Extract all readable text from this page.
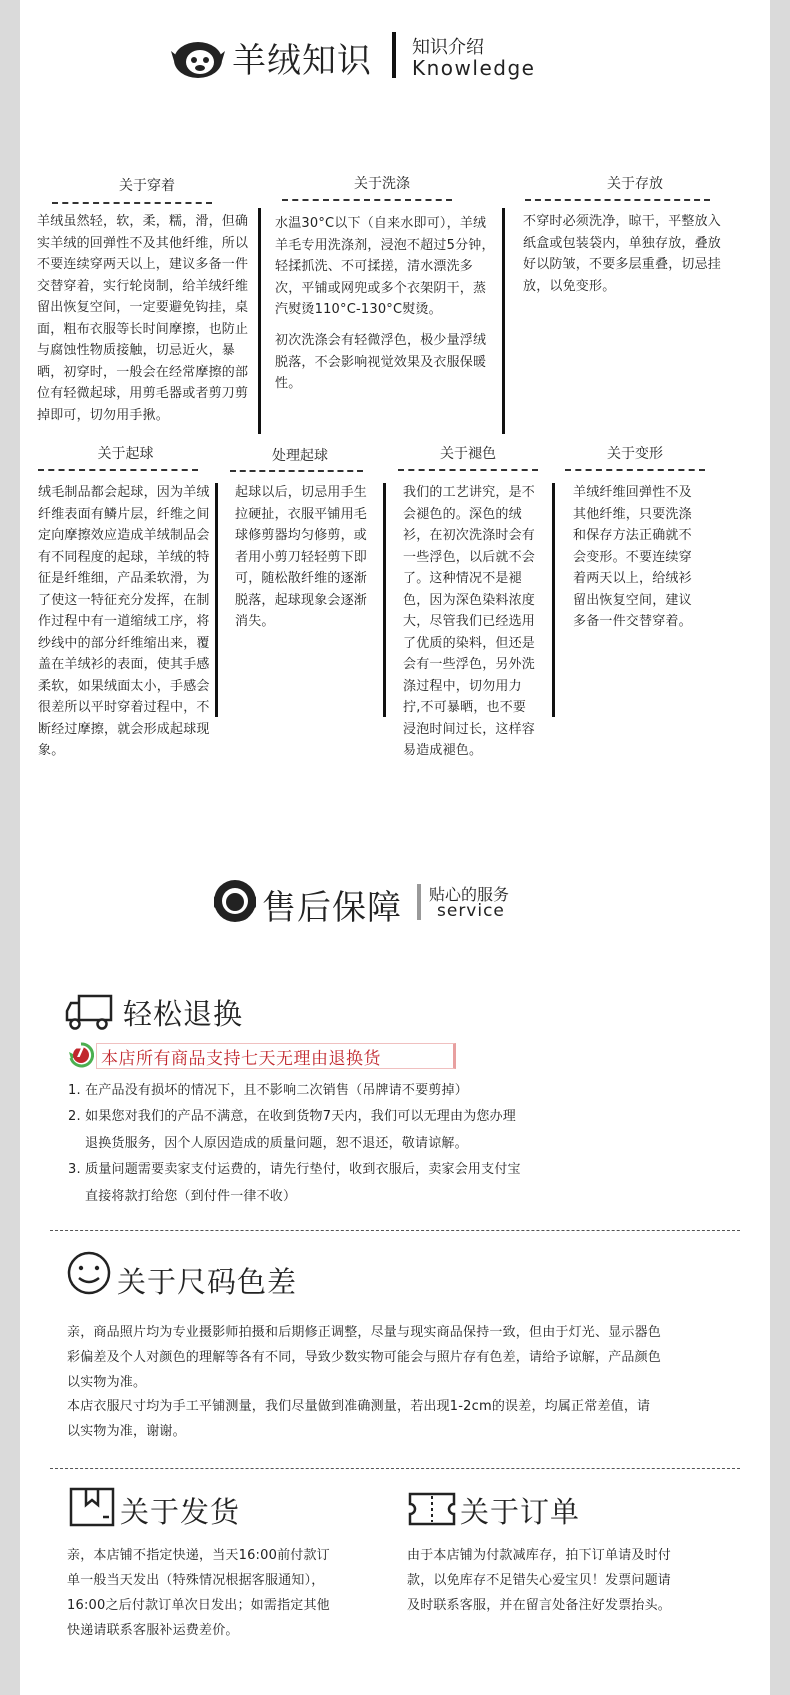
羊绒知识 知识介绍
Knowledge
关于穿着
羊绒虽然轻，软，柔，糯，滑，但确实羊绒的回弹性不及其他纤维，所以不要连续穿两天以上，建议多备一件交替穿着，实行轮岗制，给羊绒纤维留出恢复空间，一定要避免钩挂，桌面，粗布衣服等长时间摩擦，也防止与腐蚀性物质接触，切忌近火，暴晒，初穿时，一般会在经常摩擦的部位有轻微起球，用剪毛器或者剪刀剪掉即可，切勿用手揪。
关于洗涤
水温30°C以下（自来水即可），羊绒羊毛专用洗涤剂，浸泡不超过5分钟，轻揉抓洗、不可揉搓，清水漂洗多次，平铺或网兜或多个衣架阴干，蒸汽熨烫110°C-130°C熨烫。
初次洗涤会有轻微浮色，极少量浮绒脱落，不会影响视觉效果及衣服保暖性。
关于存放
不穿时必须洗净，晾干，平整放入纸盒或包装袋内，单独存放，叠放好以防皱，不要多层重叠，切忌挂放，以免变形。
关于起球
绒毛制品都会起球，因为羊绒纤维表面有鳞片层，纤维之间定向摩擦效应造成羊绒制品会有不同程度的起球，羊绒的特征是纤维细，产品柔软滑，为了使这一特征充分发挥，在制作过程中有一道缩绒工序，将纱线中的部分纤维缩出来，覆盖在羊绒衫的表面，使其手感柔软，如果绒面太小，手感会很差所以平时穿着过程中，不断经过摩擦，就会形成起球现象。
处理起球
起球以后，切忌用手生拉硬扯，衣服平铺用毛球修剪器均匀修剪，或者用小剪刀轻轻剪下即可，随松散纤维的逐渐脱落，起球现象会逐渐消失。
关于褪色
我们的工艺讲究，是不会褪色的。深色的绒衫，在初次洗涤时会有一些浮色，以后就不会了。这种情况不是褪色，因为深色染料浓度大，尽管我们已经选用了优质的染料，但还是会有一些浮色，另外洗涤过程中，切勿用力拧,不可暴晒，也不要浸泡时间过长，这样容易造成褪色。
关于变形
羊绒纤维回弹性不及其他纤维，只要洗涤和保存方法正确就不会变形。不要连续穿着两天以上，给绒衫留出恢复空间，建议多备一件交替穿着。
售后保障 贴心的服务
service
轻松退换
7 本店所有商品支持七天无理由退换货
1. 在产品没有损坏的情况下，且不影响二次销售（吊牌请不要剪掉）
2. 如果您对我们的产品不满意，在收到货物7天内，我们可以无理由为您办理
退换货服务，因个人原因造成的质量问题，恕不退还，敬请谅解。
3. 质量问题需要卖家支付运费的，请先行垫付，收到衣服后，卖家会用支付宝
直接将款打给您（到付件一律不收）
关于尺码色差
亲，商品照片均为专业摄影师拍摄和后期修正调整，尽量与现实商品保持一致，但由于灯光、显示器色
彩偏差及个人对颜色的理解等各有不同，导致少数实物可能会与照片存有色差，请给予谅解，产品颜色
以实物为准。
本店衣服尺寸均为手工平铺测量，我们尽量做到准确测量，若出现1-2cm的误差，均属正常差值，请
以实物为准，谢谢。
关于发货
亲，本店铺不指定快递，当天16:00前付款订
单一般当天发出（特殊情况根据客服通知），
16:00之后付款订单次日发出；如需指定其他
快递请联系客服补运费差价。
关于订单
由于本店铺为付款减库存，拍下订单请及时付
款，以免库存不足错失心爱宝贝！发票问题请
及时联系客服，并在留言处备注好发票抬头。
